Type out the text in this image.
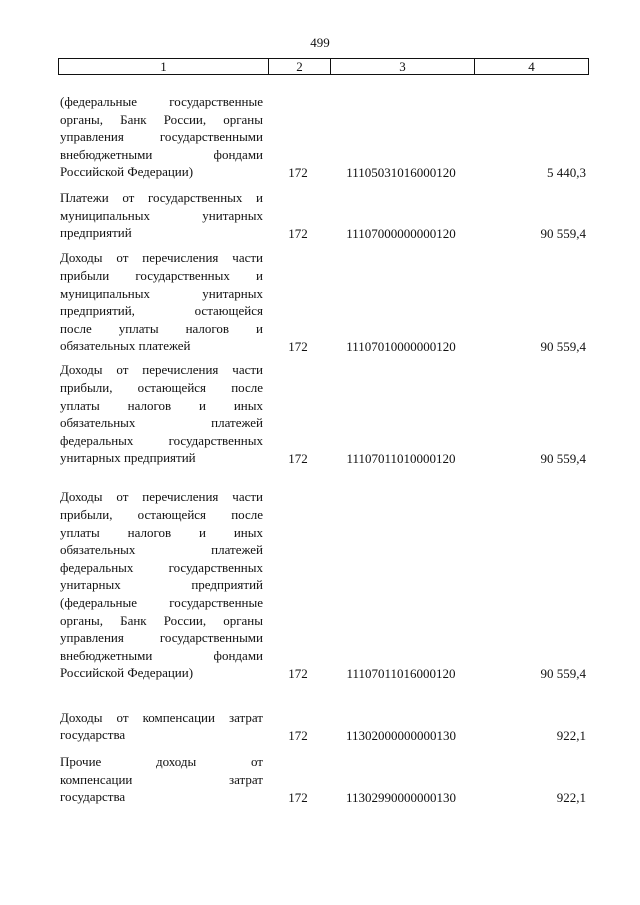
499
1	2	3	4
(федеральные государственные
органы, Банк России, органы
управления государственными
внебюджетными фондами
Российской Федерации)	172	11105031016000120	5 440,3
Платежи от государственных и
муниципальных унитарных
предприятий	172	11107000000000120	90 559,4
Доходы от перечисления части
прибыли государственных и
муниципальных унитарных
предприятий, остающейся
после уплаты налогов и
обязательных платежей	172	11107010000000120	90 559,4
Доходы от перечисления части
прибыли, остающейся после
уплаты налогов и иных
обязательных платежей
федеральных государственных
унитарных предприятий	172	11107011010000120	90 559,4
Доходы от перечисления части
прибыли, остающейся после
уплаты налогов и иных
обязательных платежей
федеральных государственных
унитарных предприятий
(федеральные государственные
органы, Банк России, органы
управления государственными
внебюджетными фондами
Российской Федерации)	172	11107011016000120	90 559,4
Доходы от компенсации затрат
государства	172	11302000000000130	922,1
Прочие доходы от
компенсации затрат
государства	172	11302990000000130	922,1
